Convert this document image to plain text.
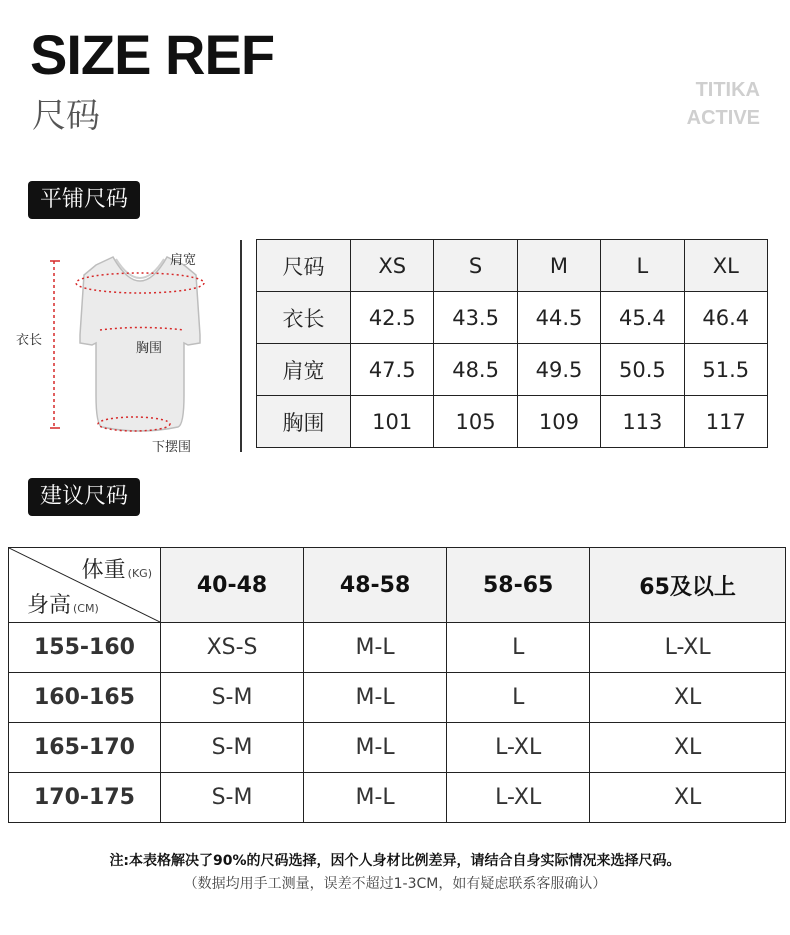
SIZE REF
尺码
TITIKA
ACTIVE
平铺尺码
肩宽
衣长
胸围
下摆围
尺码	XS	S	M	L	XL
衣长	42.5	43.5	44.5	45.4	46.4
肩宽	47.5	48.5	49.5	50.5	51.5
胸围	101	105	109	113	117
建议尺码
体重 (KG)
身高 (CM)	40-48	48-58	58-65	65及以上
155-160	XS-S	M-L	L	L-XL
160-165	S-M	M-L	L	XL
165-170	S-M	M-L	L-XL	XL
170-175	S-M	M-L	L-XL	XL
注:本表格解决了90%的尺码选择，因个人身材比例差异，请结合自身实际情况来选择尺码。
（数据均用手工测量，误差不超过1-3CM，如有疑虑联系客服确认）
